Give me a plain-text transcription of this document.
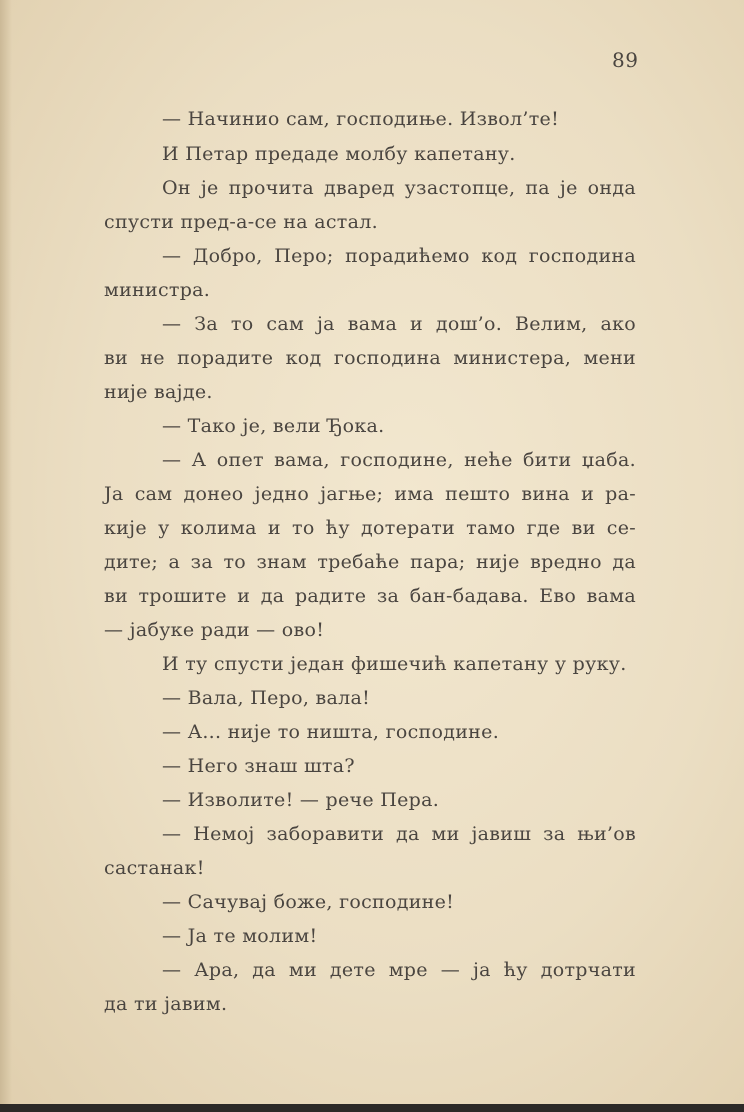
89
— Начинио сам, господиње. Извол’те!
И Петар предаде молбу капетану.
Он је прочита дваред узастопце, па је онда
спусти пред-а-се на астал.
— Добро, Перо; порадићемо код господина
министра.
— За то сам ја вама и дош’о. Велим, ако
ви не порадите код господина министера, мени
није вајде.
— Тако је, вели Ђока.
— А опет вама, господине, неће бити џаба.
Ја сам донео једно јагње; има пешто вина и ра-
кије у колима и то ћу дотерати тамо где ви се-
дите; а за то знам требаће пара; није вредно да
ви трошите и да радите за бан-бадава. Ево вама
— јабуке ради — ово!
И ту спусти један фишечић капетану у руку.
— Вала, Перо, вала!
— А... није то ништа, господине.
— Него знаш шта?
— Изволите! — рече Пера.
— Немој заборавити да ми јавиш за њи’ов
састанак!
— Сачувај боже, господине!
— Ја те молим!
— Ара, да ми дете мре — ја ћу дотрчати
да ти јавим.
